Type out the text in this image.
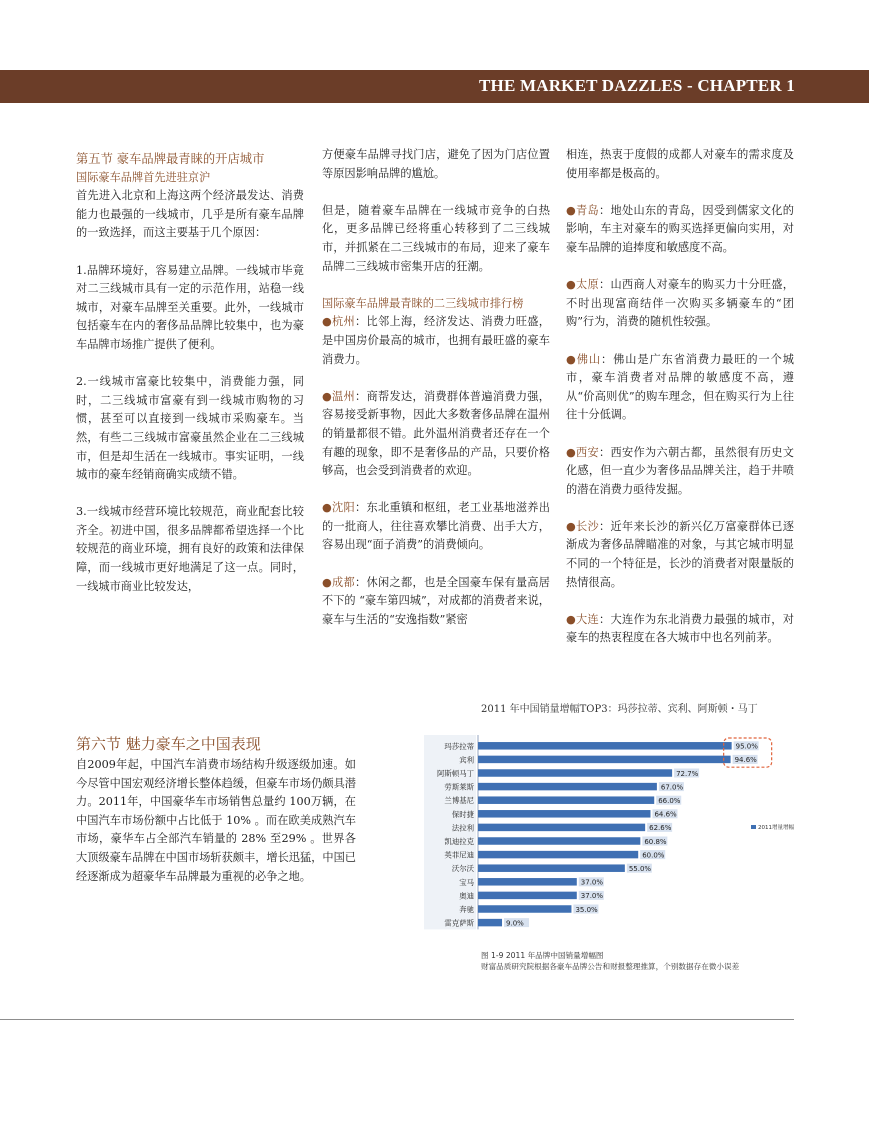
THE MARKET DAZZLES - CHAPTER 1
第五节 豪车品牌最青睐的开店城市
国际豪车品牌首先进驻京沪

首先进入北京和上海这两个经济最发达、消费能力也最强的一线城市，几乎是所有豪车品牌的一致选择，而这主要基于几个原因：

1.品牌环境好，容易建立品牌。一线城市毕竟对二三线城市具有一定的示范作用，站稳一线城市，对豪车品牌至关重要。此外，一线城市包括豪车在内的奢侈品品牌比较集中，也为豪车品牌市场推广提供了便利。

2.一线城市富豪比较集中，消费能力强，同时，二三线城市富豪有到一线城市购物的习惯，甚至可以直接到一线城市采购豪车。当然，有些二三线城市富豪虽然企业在二三线城市，但是却生活在一线城市。事实证明，一线城市的豪车经销商确实成绩不错。

3.一线城市经营环境比较规范，商业配套比较齐全。初进中国，很多品牌都希望选择一个比较规范的商业环境，拥有良好的政策和法律保障，而一线城市更好地满足了这一点。同时，一线城市商业比较发达，

方便豪车品牌寻找门店，避免了因为门店位置等原因影响品牌的尴尬。

但是，随着豪车品牌在一线城市竞争的白热化，更多品牌已经将重心转移到了二三线城市，并抓紧在二三线城市的布局，迎来了豪车品牌二三线城市密集开店的狂潮。

国际豪车品牌最青睐的二三线城市排行榜

●杭州：比邻上海，经济发达、消费力旺盛，是中国房价最高的城市，也拥有最旺盛的豪车消费力。

●温州：商帮发达，消费群体普遍消费力强，容易接受新事物，因此大多数奢侈品牌在温州的销量都很不错。此外温州消费者还存在一个有趣的现象，即不是奢侈品的产品，只要价格够高，也会受到消费者的欢迎。

●沈阳：东北重镇和枢纽，老工业基地滋养出的一批商人，往往喜欢攀比消费、出手大方，容易出现“面子消费”的消费倾向。

●成都：休闲之都，也是全国豪车保有量高居不下的 “豪车第四城”，对成都的消费者来说，豪车与生活的“安逸指数”紧密

相连，热衷于度假的成都人对豪车的需求度及使用率都是极高的。

●青岛：地处山东的青岛，因受到儒家文化的影响，车主对豪车的购买选择更偏向实用，对豪车品牌的追捧度和敏感度不高。

●太原：山西商人对豪车的购买力十分旺盛，不时出现富商结伴一次购买多辆豪车的“团购”行为，消费的随机性较强。

●佛山：佛山是广东省消费力最旺的一个城市，豪车消费者对品牌的敏感度不高，遵从“价高则优”的购车理念，但在购买行为上往往十分低调。

●西安：西安作为六朝古都，虽然很有历史文化感，但一直少为奢侈品品牌关注，趋于井喷的潜在消费力亟待发掘。

●长沙：近年来长沙的新兴亿万富豪群体已逐渐成为奢侈品牌瞄准的对象，与其它城市明显不同的一个特征是，长沙的消费者对限量版的热情很高。

●大连：大连作为东北消费力最强的城市，对豪车的热衷程度在各大城市中也名列前茅。

第六节 魅力豪车之中国表现

自2009年起，中国汽车消费市场结构升级逐级加速。如今尽管中国宏观经济增长整体趋缓，但豪车市场仍颇具潜力。2011年，中国豪华车市场销售总量约 100万辆，在中国汽车市场份额中占比低于 10% 。而在欧美成熟汽车市场，豪华车占全部汽车销量的 28% 至29% 。世界各大顶级豪车品牌在中国市场斩获颇丰，增长迅猛，中国已经逐渐成为超豪华车品牌最为重视的必争之地。

2011 年中国销量增幅TOP3：玛莎拉蒂、宾利、阿斯顿・马丁
玛莎拉蒂	95.0%
宾利	94.6%
阿斯顿马丁	72.7%
劳斯莱斯	67.0%
兰博基尼	66.0%
保时捷	64.6%
法拉利	62.6%
凯迪拉克	60.8%
英菲尼迪	60.0%
沃尔沃	55.0%
宝马	37.0%
奥迪	37.0%
奔驰	35.0%
雷克萨斯	9.0%
2011增量增幅
图 1-9 2011 年品牌中国销量增幅图
财富品质研究院根据各豪车品牌公告和财报整理推算，个别数据存在微小误差
